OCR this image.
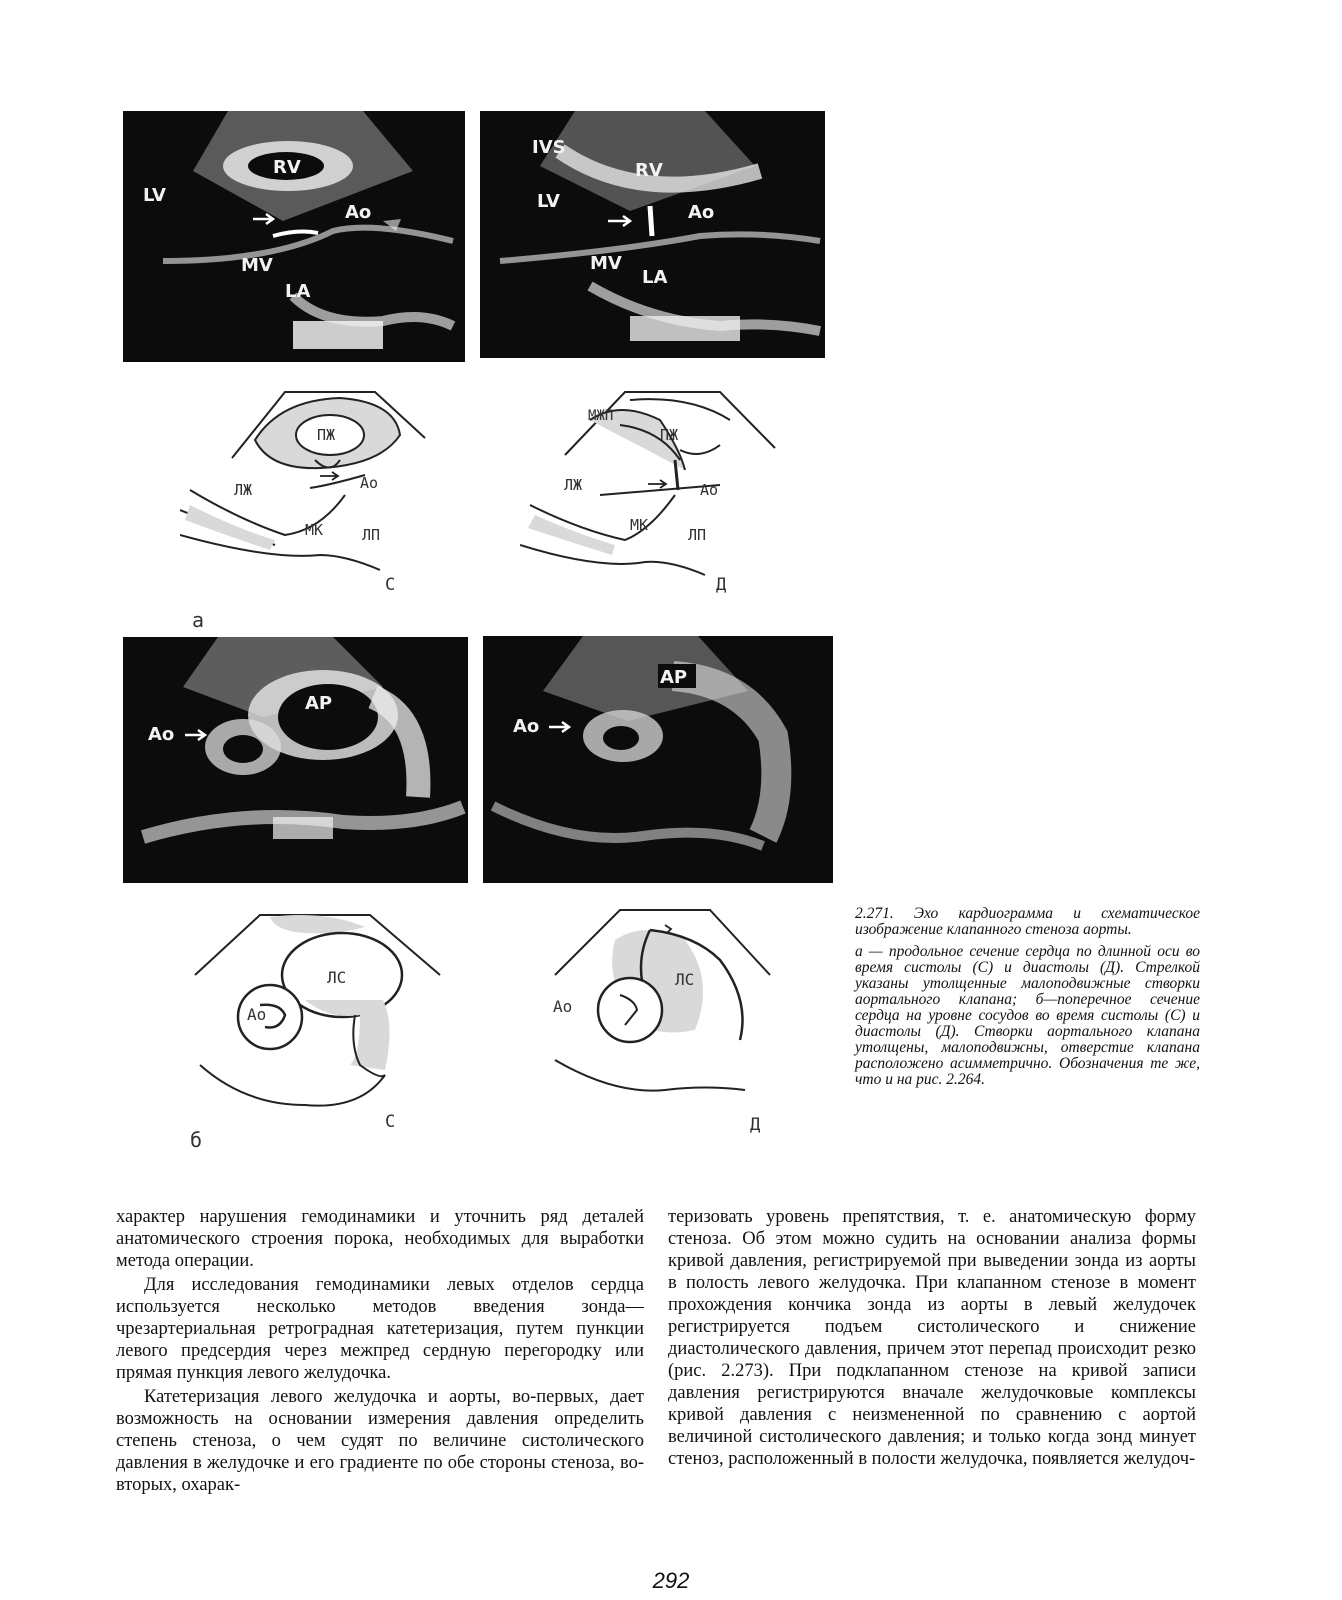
RV
LV
Ao
MV
LA
IVS
RV
LV
Ao
MV
LA
ПЖ
ЛЖ	Ao
МК	ЛП
С
МЖП
ПЖ
ЛЖ	Ao
МК
ЛП
Д
а
AP
Ao
AP
Ao
ЛС
Ao
С
ЛС
Ao
Д
б

2.271. Эхо кардиограмма и схематическое изображение клапанного стеноза аорты.

а — продольное сечение сердца по длинной оси во время систолы (С) и диастолы (Д). Стрелкой указаны утолщенные малоподвижные створки аортального клапана; б—поперечное сечение сердца на уровне сосудов во время систолы (С) и диастолы (Д). Створки аортального клапана утолщены, малоподвижны, отверстие клапана расположено асимметрично. Обозначения те же, что и на рис. 2.264.

характер нарушения гемодинамики и уточнить ряд деталей анатомического строения порока, необходимых для выработки метода операции.

Для исследования гемодинамики левых отделов сердца используется несколько методов введения зонда—чрезартериальная ретроградная катетеризация, путем пункции левого предсердия через межпред сердную перегородку или прямая пункция левого желудочка.

Катетеризация левого желудочка и аорты, во-первых, дает возможность на основании измерения давления определить степень стеноза, о чем судят по величине систолического давления в желудочке и его градиенте по обе стороны стеноза, во-вторых, охарак-

теризовать уровень препятствия, т. е. анатомическую форму стеноза. Об этом можно судить на основании анализа формы кривой давления, регистрируемой при выведении зонда из аорты в полость левого желудочка. При клапанном стенозе в момент прохождения кончика зонда из аорты в левый желудочек регистрируется подъем систолического и снижение диастолического давления, причем этот перепад происходит резко (рис. 2.273). При подклапанном стенозе на кривой записи давления регистрируются вначале желудочковые комплексы кривой давления с неизмененной по сравнению с аортой величиной систолического давления; и только когда зонд минует стеноз, расположенный в полости желудочка, появляется желудоч-

292
